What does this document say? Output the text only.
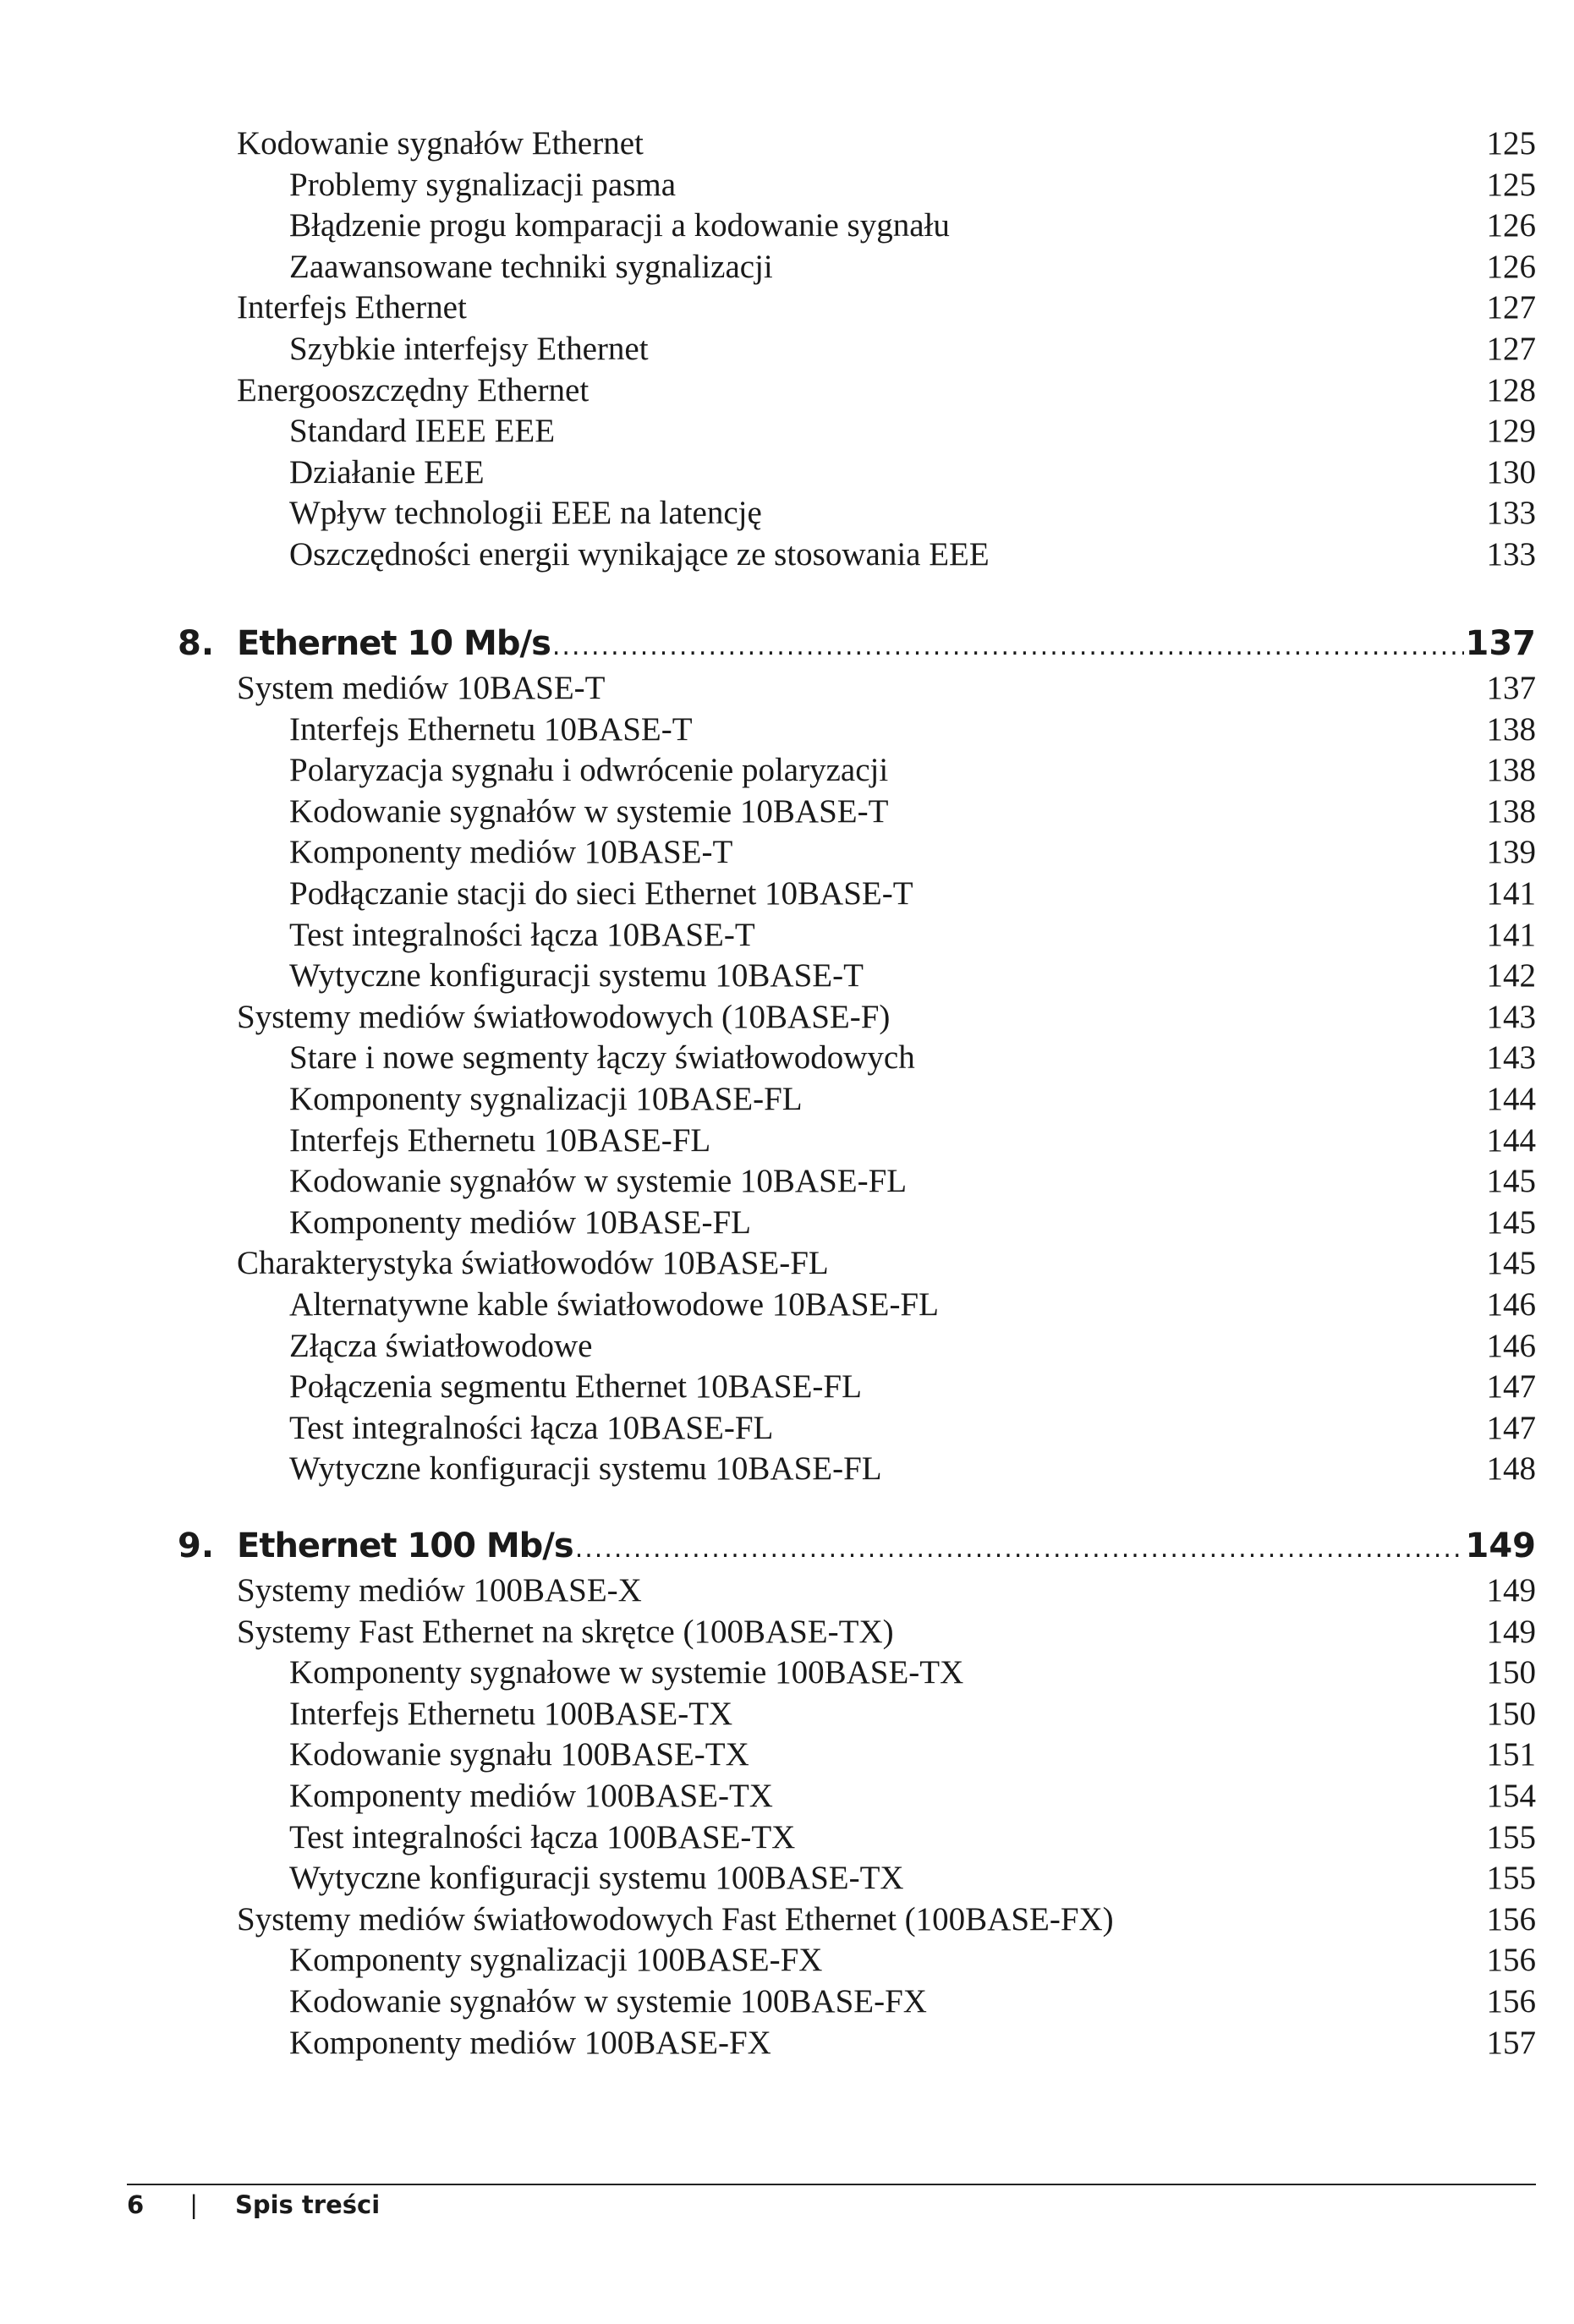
Kodowanie sygnałów Ethernet	125
Problemy sygnalizacji pasma	125
Błądzenie progu komparacji a kodowanie sygnału	126
Zaawansowane techniki sygnalizacji	126
Interfejs Ethernet	127
Szybkie interfejsy Ethernet	127
Energooszczędny Ethernet	128
Standard IEEE EEE	129
Działanie EEE	130
Wpływ technologii EEE na latencję	133
Oszczędności energii wynikające ze stosowania EEE	133
8. Ethernet 10 Mb/s .....	137
System mediów 10BASE-T	137
Interfejs Ethernetu 10BASE-T	138
Polaryzacja sygnału i odwrócenie polaryzacji	138
Kodowanie sygnałów w systemie 10BASE-T	138
Komponenty mediów 10BASE-T	139
Podłączanie stacji do sieci Ethernet 10BASE-T	141
Test integralności łącza 10BASE-T	141
Wytyczne konfiguracji systemu 10BASE-T	142
Systemy mediów światłowodowych (10BASE-F)	143
Stare i nowe segmenty łączy światłowodowych	143
Komponenty sygnalizacji 10BASE-FL	144
Interfejs Ethernetu 10BASE-FL	144
Kodowanie sygnałów w systemie 10BASE-FL	145
Komponenty mediów 10BASE-FL	145
Charakterystyka światłowodów 10BASE-FL	145
Alternatywne kable światłowodowe 10BASE-FL	146
Złącza światłowodowe	146
Połączenia segmentu Ethernet 10BASE-FL	147
Test integralności łącza 10BASE-FL	147
Wytyczne konfiguracji systemu 10BASE-FL	148
9. Ethernet 100 Mb/s .....	149
Systemy mediów 100BASE-X	149
Systemy Fast Ethernet na skrętce (100BASE-TX)	149
Komponenty sygnałowe w systemie 100BASE-TX	150
Interfejs Ethernetu 100BASE-TX	150
Kodowanie sygnału 100BASE-TX	151
Komponenty mediów 100BASE-TX	154
Test integralności łącza 100BASE-TX	155
Wytyczne konfiguracji systemu 100BASE-TX	155
Systemy mediów światłowodowych Fast Ethernet (100BASE-FX)	156
Komponenty sygnalizacji 100BASE-FX	156
Kodowanie sygnałów w systemie 100BASE-FX	156
Komponenty mediów 100BASE-FX	157
6 | Spis treści
